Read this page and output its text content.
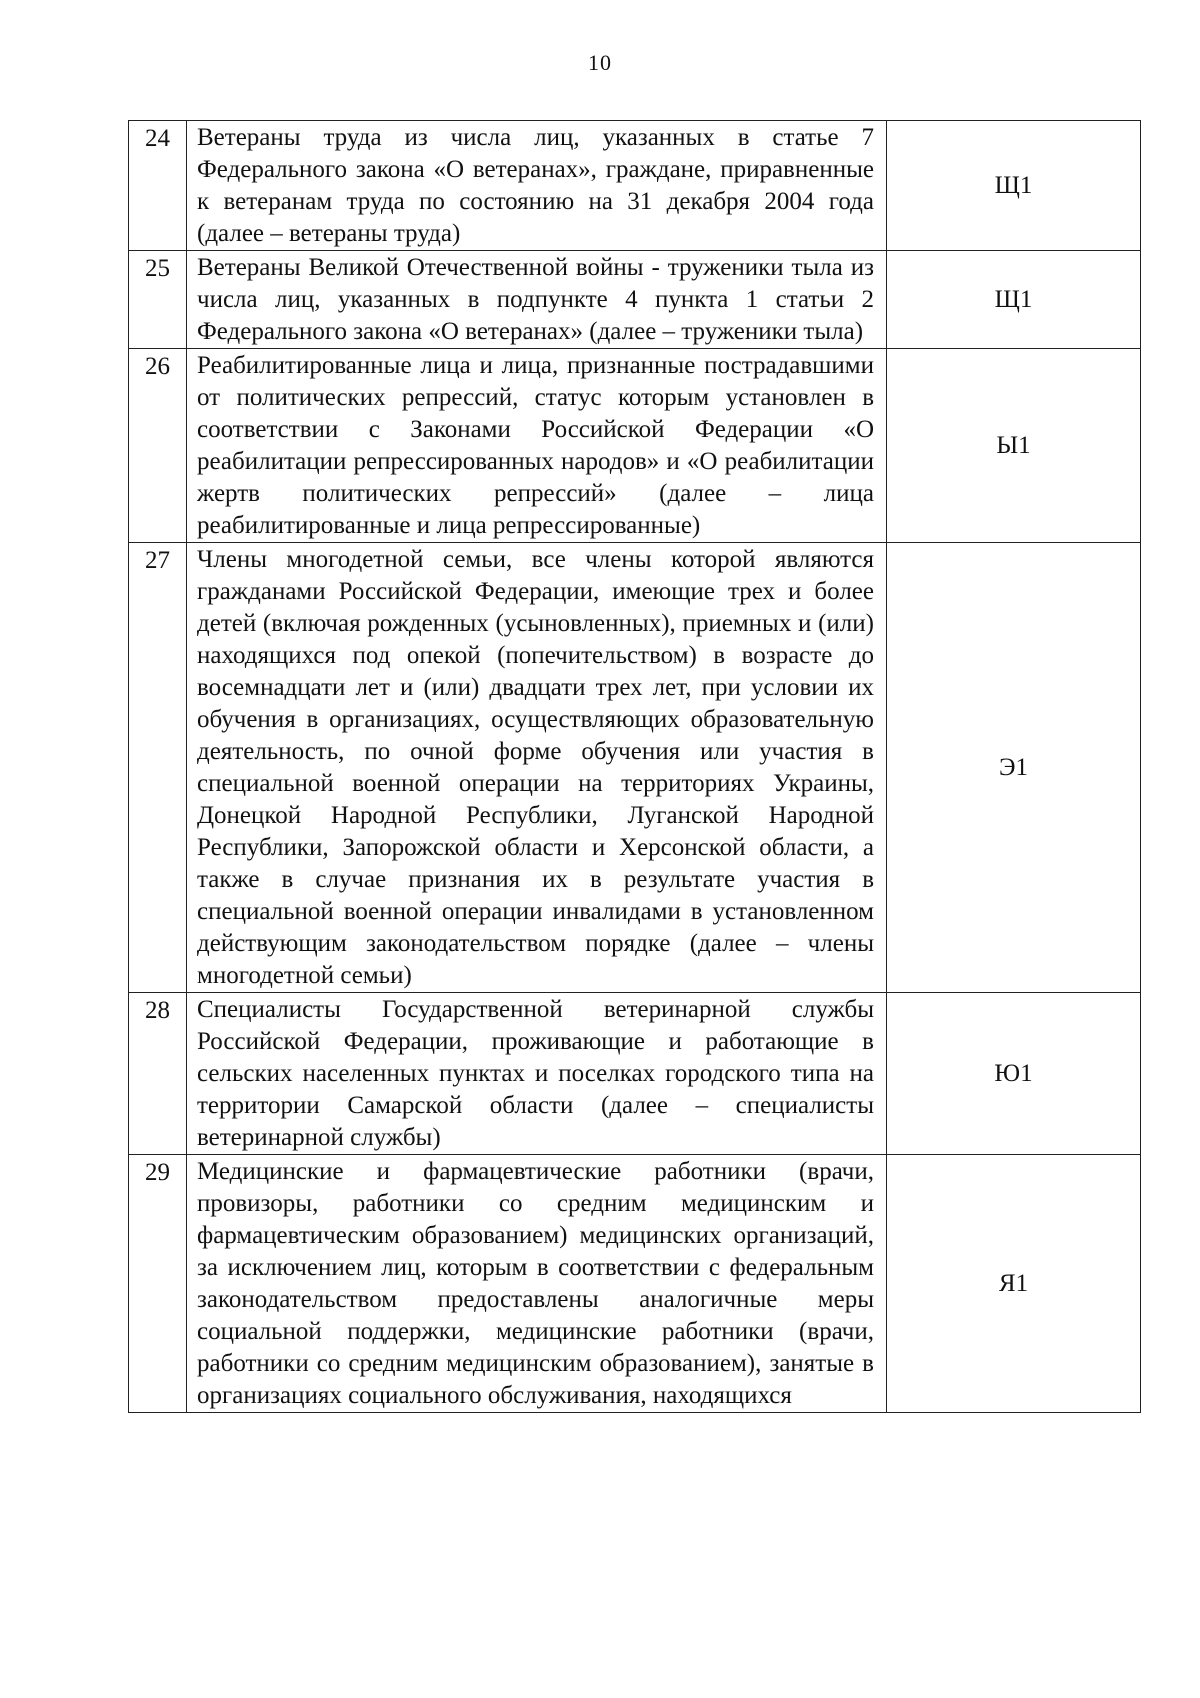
10
24	Ветераны труда из числа лиц, указанных в статье 7 Федерального закона «О ветеранах», граждане, приравненные к ветеранам труда по состоянию на 31 декабря 2004 года (далее – ветераны труда)	Щ1
25	Ветераны Великой Отечественной войны - труженики тыла из числа лиц, указанных в подпункте 4 пункта 1 статьи 2 Федерального закона «О ветеранах» (далее – труженики тыла)	Щ1
26	Реабилитированные лица и лица, признанные пострадавшими от политических репрессий, статус которым установлен в соответствии с Законами Российской Федерации «О реабилитации репрессированных народов» и «О реабилитации жертв политических репрессий» (далее – лица реабилитированные и лица репрессированные)	Ы1
27	Члены многодетной семьи, все члены которой являются гражданами Российской Федерации, имеющие трех и более детей (включая рожденных (усыновленных), приемных и (или) находящихся под опекой (попечительством) в возрасте до восемнадцати лет и (или) двадцати трех лет, при условии их обучения в организациях, осуществляющих образовательную деятельность, по очной форме обучения или участия в специальной военной операции на территориях Украины, Донецкой Народной Республики, Луганской Народной Республики, Запорожской области и Херсонской области, а также в случае признания их в результате участия в специальной военной операции инвалидами в установленном действующим законодательством порядке (далее – члены многодетной семьи)	Э1
28	Специалисты Государственной ветеринарной службы Российской Федерации, проживающие и работающие в сельских населенных пунктах и поселках городского типа на территории Самарской области (далее – специалисты ветеринарной службы)	Ю1
29	Медицинские и фармацевтические работники (врачи, провизоры, работники со средним медицинским и фармацевтическим образованием) медицинских организаций, за исключением лиц, которым в соответствии с федеральным законодательством предоставлены аналогичные меры социальной поддержки, медицинские работники (врачи, работники со средним медицинским образованием), занятые в организациях социального обслуживания, находящихся	Я1
